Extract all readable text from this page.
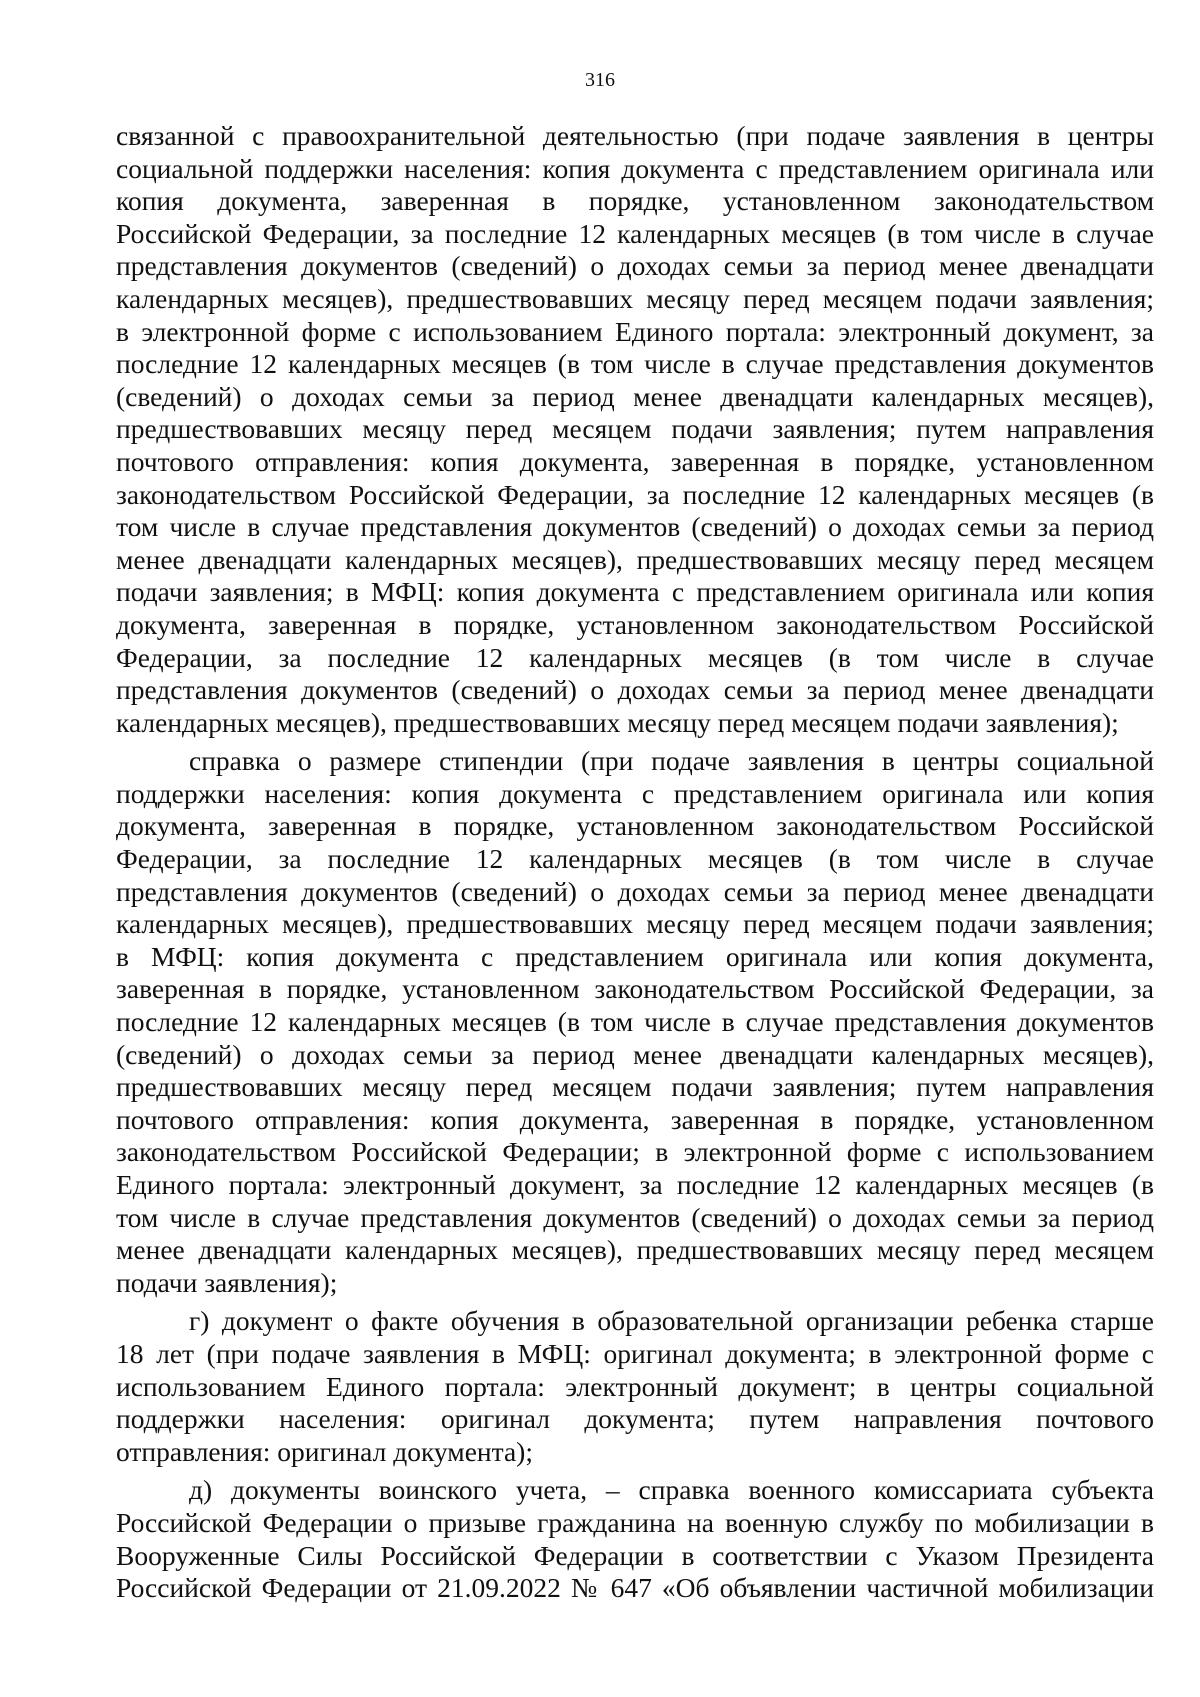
316

связанной с правоохранительной деятельностью (при подаче заявления в центры

социальной поддержки населения: копия документа с представлением оригинала или

копия документа, заверенная в порядке, установленном законодательством

Российской Федерации, за последние 12 календарных месяцев (в том числе в случае

представления документов (сведений) о доходах семьи за период менее двенадцати

календарных месяцев), предшествовавших месяцу перед месяцем подачи заявления;

в электронной форме с использованием Единого портала: электронный документ, за

последние 12 календарных месяцев (в том числе в случае представления документов

(сведений) о доходах семьи за период менее двенадцати календарных месяцев),

предшествовавших месяцу перед месяцем подачи заявления; путем направления

почтового отправления: копия документа, заверенная в порядке, установленном

законодательством Российской Федерации, за последние 12 календарных месяцев (в

том числе в случае представления документов (сведений) о доходах семьи за период

менее двенадцати календарных месяцев), предшествовавших месяцу перед месяцем

подачи заявления; в МФЦ: копия документа с представлением оригинала или копия

документа, заверенная в порядке, установленном законодательством Российской

Федерации, за последние 12 календарных месяцев (в том числе в случае

представления документов (сведений) о доходах семьи за период менее двенадцати

календарных месяцев), предшествовавших месяцу перед месяцем подачи заявления);

справка о размере стипендии (при подаче заявления в центры социальной

поддержки населения: копия документа с представлением оригинала или копия

документа, заверенная в порядке, установленном законодательством Российской

Федерации, за последние 12 календарных месяцев (в том числе в случае

представления документов (сведений) о доходах семьи за период менее двенадцати

календарных месяцев), предшествовавших месяцу перед месяцем подачи заявления;

в МФЦ: копия документа с представлением оригинала или копия документа,

заверенная в порядке, установленном законодательством Российской Федерации, за

последние 12 календарных месяцев (в том числе в случае представления документов

(сведений) о доходах семьи за период менее двенадцати календарных месяцев),

предшествовавших месяцу перед месяцем подачи заявления; путем направления

почтового отправления: копия документа, заверенная в порядке, установленном

законодательством Российской Федерации; в электронной форме с использованием

Единого портала: электронный документ, за последние 12 календарных месяцев (в

том числе в случае представления документов (сведений) о доходах семьи за период

менее двенадцати календарных месяцев), предшествовавших месяцу перед месяцем

подачи заявления);

г) документ о факте обучения в образовательной организации ребенка старше

18 лет (при подаче заявления в МФЦ: оригинал документа; в электронной форме с

использованием Единого портала: электронный документ; в центры социальной

поддержки населения: оригинал документа; путем направления почтового

отправления: оригинал документа);

д) документы воинского учета, – справка военного комиссариата субъекта

Российской Федерации о призыве гражданина на военную службу по мобилизации в

Вооруженные Силы Российской Федерации в соответствии с Указом Президента

Российской Федерации от 21.09.2022 № 647 «Об объявлении частичной мобилизации
